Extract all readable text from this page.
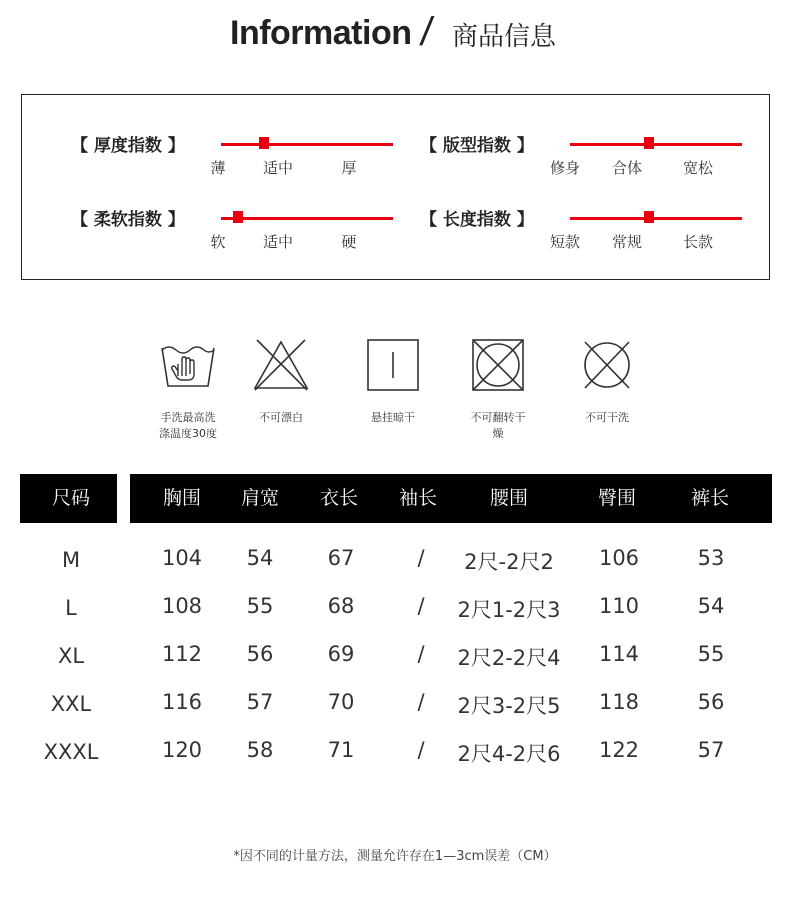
Information / 商品信息
【 厚度指数 】
薄 适中	厚
【 版型指数 】
修身 合体	宽松
【 柔软指数 】
软 适中	硬
【 长度指数 】
短款 常规	长款
手洗最高洗涤温度30度
不可漂白	悬挂晾干	不可翻转干燥
不可干洗
尺码	胸围 肩宽 衣长 袖长	腰围	臀围	裤长
M	104 54	67	/ 2尺-2尺2 106	53
L	108 55	68	/ 2尺1-2尺3 110	54
XL	112 56	69	/ 2尺2-2尺4 114	55
XXL	116 57	70	/ 2尺3-2尺5 118	56
XXXL	120 58	71	/ 2尺4-2尺6 122	57
*因不同的计量方法，测量允许存在1—3cm误差（CM）
